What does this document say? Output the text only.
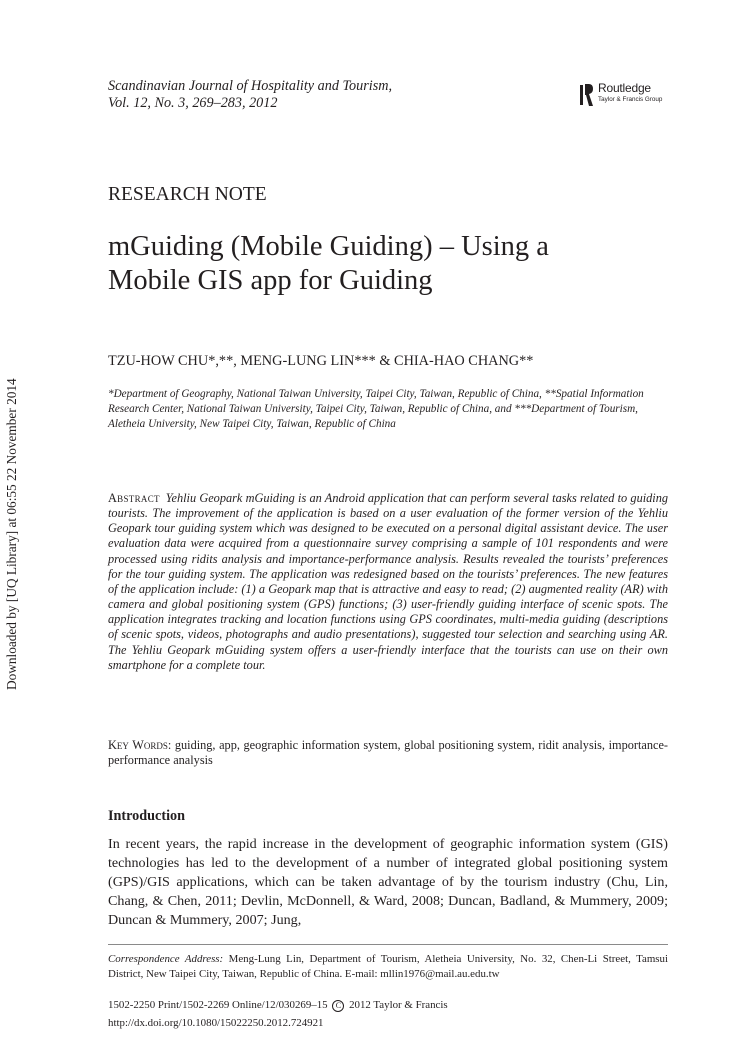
Downloaded by [UQ Library] at 06:55 22 November 2014
Scandinavian Journal of Hospitality and Tourism,
Vol. 12, No. 3, 269–283, 2012
Routledge
Taylor & Francis Group
RESEARCH NOTE
mGuiding (Mobile Guiding) – Using a
Mobile GIS app for Guiding
TZU-HOW CHU*,**, MENG-LUNG LIN*** & CHIA-HAO CHANG**
*Department of Geography, National Taiwan University, Taipei City, Taiwan, Republic of China, **Spatial Information Research Center, National Taiwan University, Taipei City, Taiwan, Republic of China, and ***Department of Tourism, Aletheia University, New Taipei City, Taiwan, Republic of China
Abstract Yehliu Geopark mGuiding is an Android application that can perform several tasks related to guiding tourists. The improvement of the application is based on a user evaluation of the former version of the Yehliu Geopark tour guiding system which was designed to be executed on a personal digital assistant device. The user evaluation data were acquired from a questionnaire survey comprising a sample of 101 respondents and were processed using ridits analysis and importance-performance analysis. Results revealed the tourists’ preferences for the tour guiding system. The application was redesigned based on the tourists’ preferences. The new features of the application include: (1) a Geopark map that is attractive and easy to read; (2) augmented reality (AR) with camera and global positioning system (GPS) functions; (3) user-friendly guiding interface of scenic spots. The application integrates tracking and location functions using GPS coordinates, multi-media guiding (descriptions of scenic spots, videos, photographs and audio presentations), suggested tour selection and searching using AR. The Yehliu Geopark mGuiding system offers a user-friendly interface that the tourists can use on their own smartphone for a complete tour.
Key Words: guiding, app, geographic information system, global positioning system, ridit analysis, importance-performance analysis
Introduction
In recent years, the rapid increase in the development of geographic information system (GIS) technologies has led to the development of a number of integrated global positioning system (GPS)/GIS applications, which can be taken advantage of by the tourism industry (Chu, Lin, Chang, & Chen, 2011; Devlin, McDonnell, & Ward, 2008; Duncan, Badland, & Mummery, 2009; Duncan & Mummery, 2007; Jung,
Correspondence Address: Meng-Lung Lin, Department of Tourism, Aletheia University, No. 32, Chen-Li Street, Tamsui District, New Taipei City, Taiwan, Republic of China. E-mail: mllin1976@mail.au.edu.tw
1502-2250 Print/1502-2269 Online/12/030269–15 C 2012 Taylor & Francis
http://dx.doi.org/10.1080/15022250.2012.724921
